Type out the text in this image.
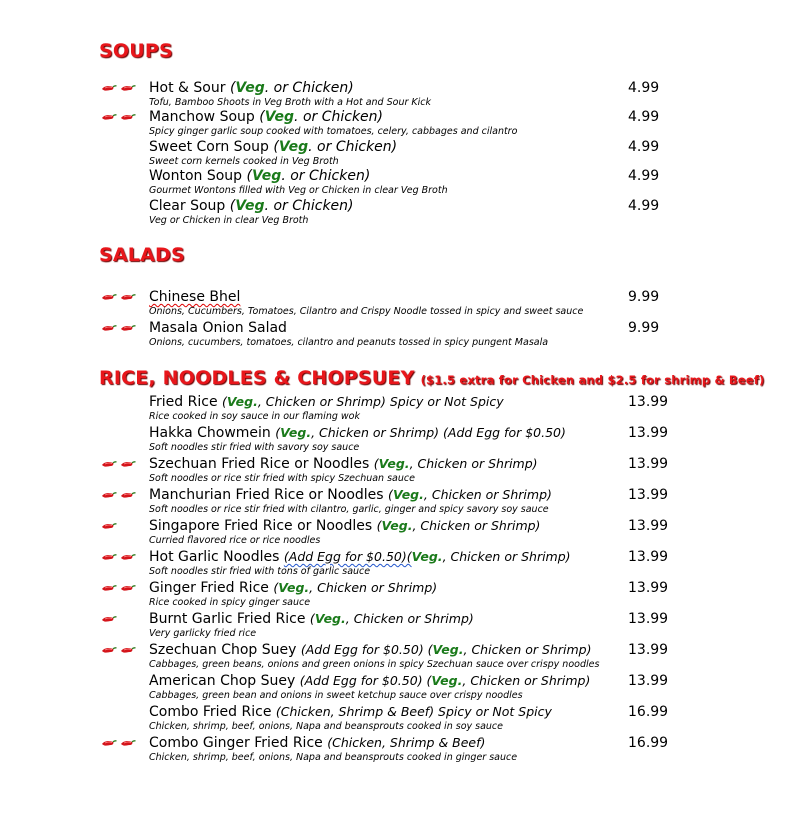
SOUPS
Hot & Sour (Veg. or Chicken)
Tofu, Bamboo Shoots in Veg Broth with a Hot and Sour Kick
4.99
Manchow Soup (Veg. or Chicken)
Spicy ginger garlic soup cooked with tomatoes, celery, cabbages and cilantro
4.99
Sweet Corn Soup (Veg. or Chicken)
Sweet corn kernels cooked in Veg Broth
4.99
Wonton Soup (Veg. or Chicken)
Gourmet Wontons filled with Veg or Chicken in clear Veg Broth
4.99
Clear Soup (Veg. or Chicken)
Veg or Chicken in clear Veg Broth
4.99
SALADS
Chinese Bhel
Onions, Cucumbers, Tomatoes, Cilantro and Crispy Noodle tossed in spicy and sweet sauce
9.99
Masala Onion Salad
Onions, cucumbers, tomatoes, cilantro and peanuts tossed in spicy pungent Masala
9.99
RICE, NOODLES & CHOPSUEY ($1.5 extra for Chicken and $2.5 for shrimp & Beef)
Fried Rice (Veg., Chicken or Shrimp) Spicy or Not Spicy
Rice cooked in soy sauce in our flaming wok
13.99
Hakka Chowmein (Veg., Chicken or Shrimp) (Add Egg for $0.50)
Soft noodles stir fried with savory soy sauce
13.99
Szechuan Fried Rice or Noodles (Veg., Chicken or Shrimp)
Soft noodles or rice stir fried with spicy Szechuan sauce
13.99
Manchurian Fried Rice or Noodles (Veg., Chicken or Shrimp)
Soft noodles or rice stir fried with cilantro, garlic, ginger and spicy savory soy sauce
13.99
Singapore Fried Rice or Noodles (Veg., Chicken or Shrimp)
Curried flavored rice or rice noodles
13.99
Hot Garlic Noodles (Add Egg for $0.50)(Veg., Chicken or Shrimp)
Soft noodles stir fried with tons of garlic sauce
13.99
Ginger Fried Rice (Veg., Chicken or Shrimp)
Rice cooked in spicy ginger sauce
13.99
Burnt Garlic Fried Rice (Veg., Chicken or Shrimp)
Very garlicky fried rice
13.99
Szechuan Chop Suey (Add Egg for $0.50) (Veg., Chicken or Shrimp)
Cabbages, green beans, onions and green onions in spicy Szechuan sauce over crispy noodles
13.99
American Chop Suey (Add Egg for $0.50) (Veg., Chicken or Shrimp)
Cabbages, green bean and onions in sweet ketchup sauce over crispy noodles
13.99
Combo Fried Rice (Chicken, Shrimp & Beef) Spicy or Not Spicy
Chicken, shrimp, beef, onions, Napa and beansprouts cooked in soy sauce
16.99
Combo Ginger Fried Rice (Chicken, Shrimp & Beef)
Chicken, shrimp, beef, onions, Napa and beansprouts cooked in ginger sauce
16.99
